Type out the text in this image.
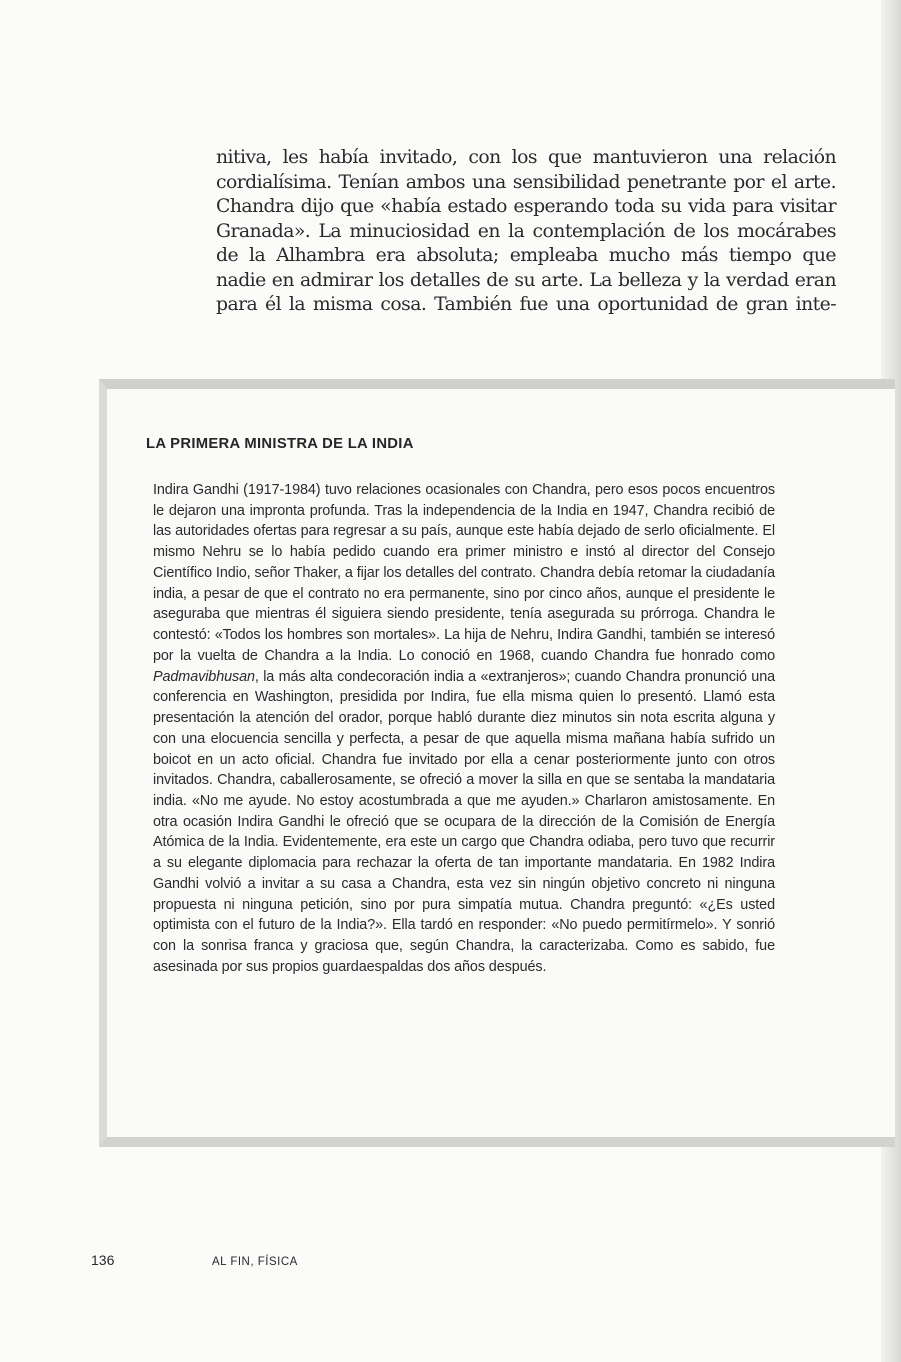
nitiva, les había invitado, con los que mantuvieron una relación cordialísima. Tenían ambos una sensibilidad penetrante por el arte. Chandra dijo que «había estado esperando toda su vida para visitar Granada». La minuciosidad en la contemplación de los mocárabes de la Alhambra era absoluta; empleaba mucho más tiempo que nadie en admirar los detalles de su arte. La belleza y la verdad eran para él la misma cosa. También fue una oportunidad de gran inte-

LA PRIMERA MINISTRA DE LA INDIA

Indira Gandhi (1917-1984) tuvo relaciones ocasionales con Chandra, pero esos pocos encuentros le dejaron una impronta profunda. Tras la independencia de la India en 1947, Chandra recibió de las autoridades ofertas para regresar a su país, aunque este había dejado de serlo oficialmente. El mismo Nehru se lo había pedido cuando era primer ministro e instó al director del Consejo Científico Indio, señor Thaker, a fijar los detalles del contrato. Chandra debía retomar la ciudadanía india, a pesar de que el contrato no era permanente, sino por cinco años, aunque el presidente le aseguraba que mientras él siguiera siendo presidente, tenía asegurada su prórroga. Chandra le contestó: «Todos los hombres son mortales». La hija de Nehru, Indira Gandhi, también se interesó por la vuelta de Chandra a la India. Lo conoció en 1968, cuando Chandra fue honrado como Padmavibhusan, la más alta condecoración india a «extranjeros»; cuando Chandra pronunció una conferencia en Washington, presidida por Indira, fue ella misma quien lo presentó. Llamó esta presentación la atención del orador, porque habló durante diez minutos sin nota escrita alguna y con una elocuencia sencilla y perfecta, a pesar de que aquella misma mañana había sufrido un boicot en un acto oficial. Chandra fue invitado por ella a cenar posteriormente junto con otros invitados. Chandra, caballerosamente, se ofreció a mover la silla en que se sentaba la mandataria india. «No me ayude. No estoy acostumbrada a que me ayuden.» Charlaron amistosamente. En otra ocasión Indira Gandhi le ofreció que se ocupara de la dirección de la Comisión de Energía Atómica de la India. Evidentemente, era este un cargo que Chandra odiaba, pero tuvo que recurrir a su elegante diplomacia para rechazar la oferta de tan importante mandataria. En 1982 Indira Gandhi volvió a invitar a su casa a Chandra, esta vez sin ningún objetivo concreto ni ninguna propuesta ni ninguna petición, sino por pura simpatía mutua. Chandra preguntó: «¿Es usted optimista con el futuro de la India?». Ella tardó en responder: «No puedo permitírmelo». Y sonrió con la sonrisa franca y graciosa que, según Chandra, la caracterizaba. Como es sabido, fue asesinada por sus propios guardaespaldas dos años después.

136	AL FIN, FÍSICA
